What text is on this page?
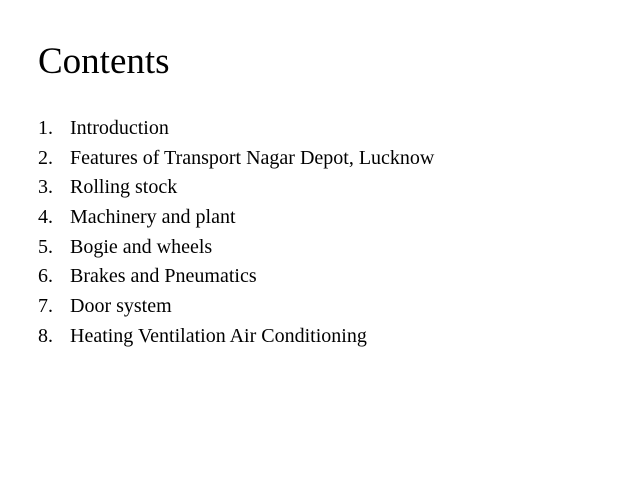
Contents
1. Introduction
2. Features of Transport Nagar Depot, Lucknow
3. Rolling stock
4. Machinery and plant
5. Bogie and wheels
6. Brakes and Pneumatics
7. Door system
8. Heating Ventilation Air Conditioning
